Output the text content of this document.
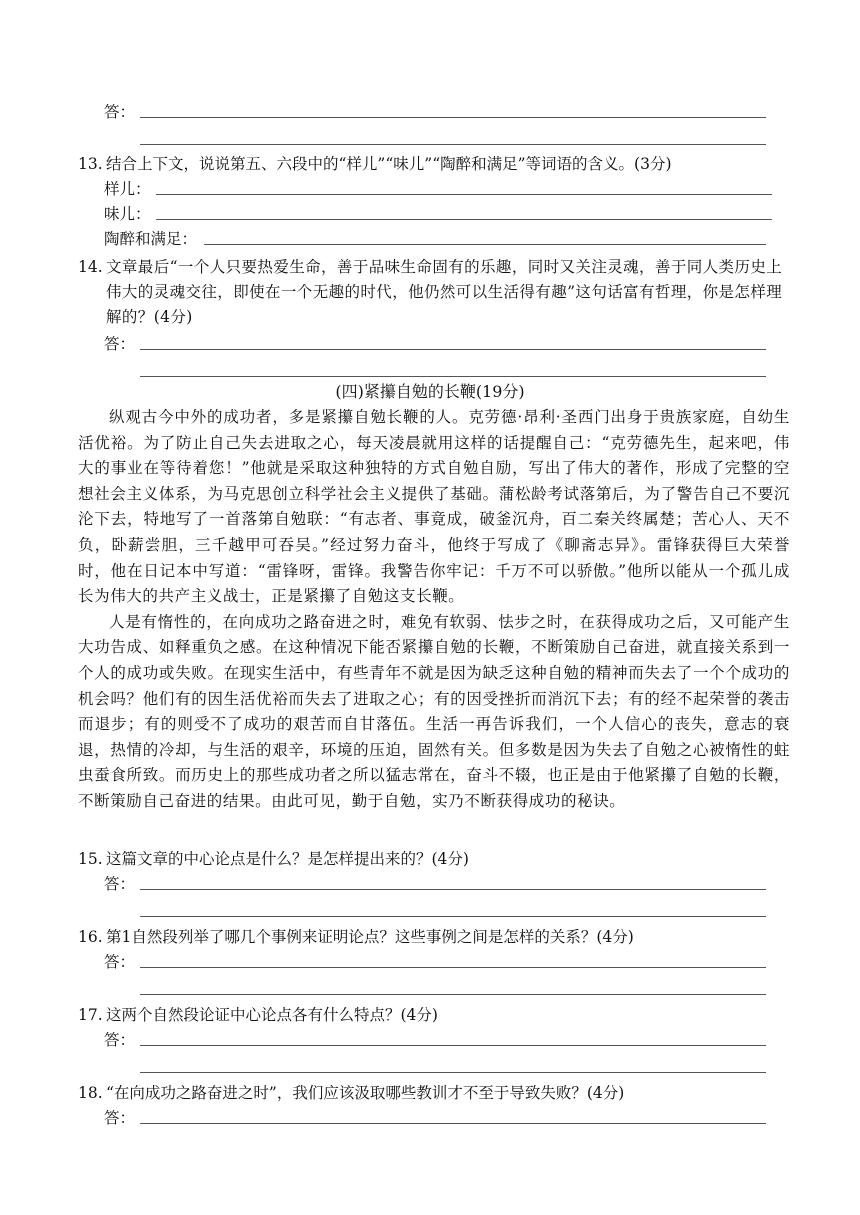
答：
13. 结合上下文，说说第五、六段中的“样儿”“味儿”“陶醉和满足”等词语的含义。(3分)
样儿：
味儿：
陶醉和满足：
14. 文章最后“一个人只要热爱生命，善于品味生命固有的乐趣，同时又关注灵魂，善于同人类历史上伟大的灵魂交往，即使在一个无趣的时代，他仍然可以生活得有趣”这句话富有哲理，你是怎样理解的？(4分)
答：
(四)紧攥自勉的长鞭(19分)

纵观古今中外的成功者，多是紧攥自勉长鞭的人。克劳德·昂利·圣西门出身于贵族家庭，自幼生活优裕。为了防止自己失去进取之心，每天凌晨就用这样的话提醒自己：“克劳德先生，起来吧，伟大的事业在等待着您！”他就是采取这种独特的方式自勉自励，写出了伟大的著作，形成了完整的空想社会主义体系，为马克思创立科学社会主义提供了基础。蒲松龄考试落第后，为了警告自己不要沉沦下去，特地写了一首落第自勉联：“有志者、事竟成，破釜沉舟，百二秦关终属楚；苦心人、天不负，卧薪尝胆，三千越甲可吞吴。”经过努力奋斗，他终于写成了《聊斋志异》。雷锋获得巨大荣誉时，他在日记本中写道：“雷锋呀，雷锋。我警告你牢记：千万不可以骄傲。”他所以能从一个孤儿成长为伟大的共产主义战士，正是紧攥了自勉这支长鞭。

人是有惰性的，在向成功之路奋进之时，难免有软弱、怯步之时，在获得成功之后，又可能产生大功告成、如释重负之感。在这种情况下能否紧攥自勉的长鞭，不断策励自己奋进，就直接关系到一个人的成功或失败。在现实生活中，有些青年不就是因为缺乏这种自勉的精神而失去了一个个成功的机会吗？他们有的因生活优裕而失去了进取之心；有的因受挫折而消沉下去；有的经不起荣誉的袭击而退步；有的则受不了成功的艰苦而自甘落伍。生活一再告诉我们，一个人信心的丧失，意志的衰退，热情的冷却，与生活的艰辛，环境的压迫，固然有关。但多数是因为失去了自勉之心被惰性的蛀虫蚕食所致。而历史上的那些成功者之所以猛志常在，奋斗不辍，也正是由于他紧攥了自勉的长鞭，不断策励自己奋进的结果。由此可见，勤于自勉，实乃不断获得成功的秘诀。

15. 这篇文章的中心论点是什么？是怎样提出来的？(4分)
答：
16. 第1自然段列举了哪几个事例来证明论点？这些事例之间是怎样的关系？(4分)
答：
17. 这两个自然段论证中心论点各有什么特点？(4分)
答：
18. “在向成功之路奋进之时”，我们应该汲取哪些教训才不至于导致失败？(4分)
答：
